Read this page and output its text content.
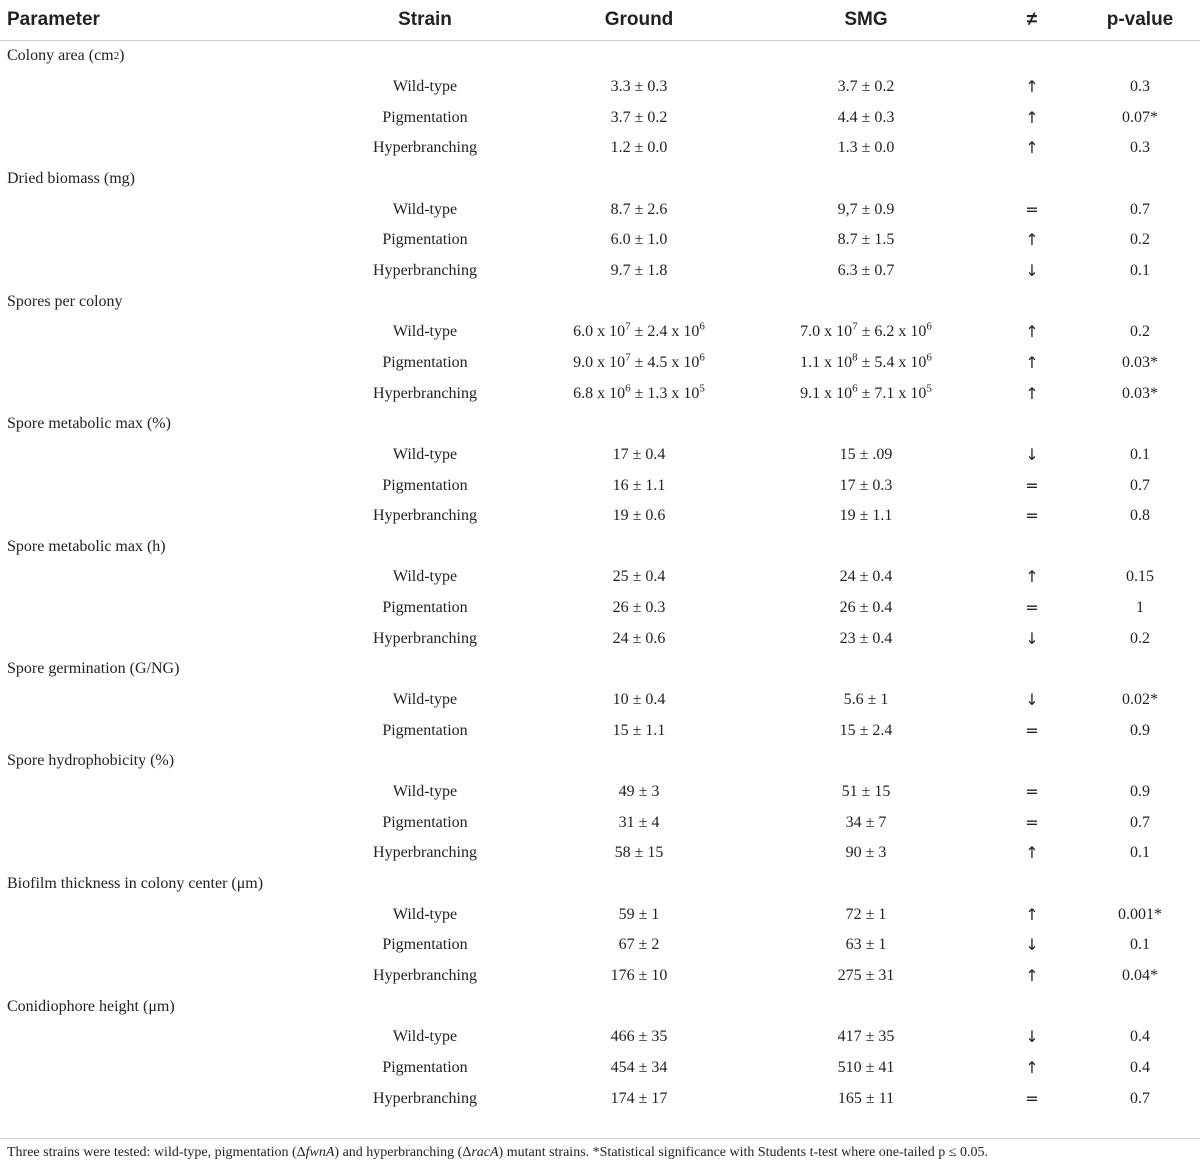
Parameter	Strain	Ground	SMG	≠	p-value
Colony area (cm 2 )
Wild-type	3.3 ± 0.3	3.7 ± 0.2	↑	0.3
Pigmentation	3.7 ± 0.2	4.4 ± 0.3	↑	0.07*
Hyperbranching	1.2 ± 0.0	1.3 ± 0.0	↑	0.3
Dried biomass (mg)
Wild-type	8.7 ± 2.6	9,7 ± 0.9	=	0.7
Pigmentation	6.0 ± 1.0	8.7 ± 1.5	↑	0.2
Hyperbranching	9.7 ± 1.8	6.3 ± 0.7	↓	0.1
Spores per colony
Wild-type	6.0 x $10^7 \pm 2.4$ x $10^6$	7.0 x $10^7 \pm 6.2$ x $10^6$	↑	0.2
Pigmentation	9.0 x $10^7 \pm 4.5$ x $10^6$	1.1 x $10^8 \pm 5.4$ x $10^6$	↑	0.03*
Hyperbranching	6.8 x $10^6 \pm 1.3$ x $10^5$	9.1 x $10^6 \pm 7.1$ x $10^5$	↑	0.03*
Spore metabolic max (%)
Wild-type	17 ± 0.4	15 ± .09	↓	0.1
Pigmentation	16 ± 1.1	17 ± 0.3	=	0.7
Hyperbranching	19 ± 0.6	19 ± 1.1	=	0.8
Spore metabolic max (h)
Wild-type	25 ± 0.4	24 ± 0.4	↑	0.15
Pigmentation	26 ± 0.3	26 ± 0.4	=	1
Hyperbranching	24 ± 0.6	23 ± 0.4	↓	0.2
Spore germination (G/NG)
Wild-type	10 ± 0.4	5.6 ± 1	↓	0.02*
Pigmentation	15 ± 1.1	15 ± 2.4	=	0.9
Spore hydrophobicity (%)
Wild-type	49 ± 3	51 ± 15	=	0.9
Pigmentation	31 ± 4	34 ± 7	=	0.7
Hyperbranching	58 ± 15	90 ± 3	↑	0.1
Biofilm thickness in colony center (μm)
Wild-type	59 ± 1	72 ± 1	↑	0.001*
Pigmentation	67 ± 2	63 ± 1	↓	0.1
Hyperbranching	176 ± 10	275 ± 31	↑	0.04*
Conidiophore height (μm)
Wild-type	466 ± 35	417 ± 35	↓	0.4
Pigmentation	454 ± 34	510 ± 41	↑	0.4
Hyperbranching	174 ± 17	165 ± 11	=	0.7
Three strains were tested: wild-type, pigmentation (ΔfwnA) and hyperbranching (ΔracA) mutant strains. *Statistical significance with Students t-test where one-tailed p ≤ 0.05.
